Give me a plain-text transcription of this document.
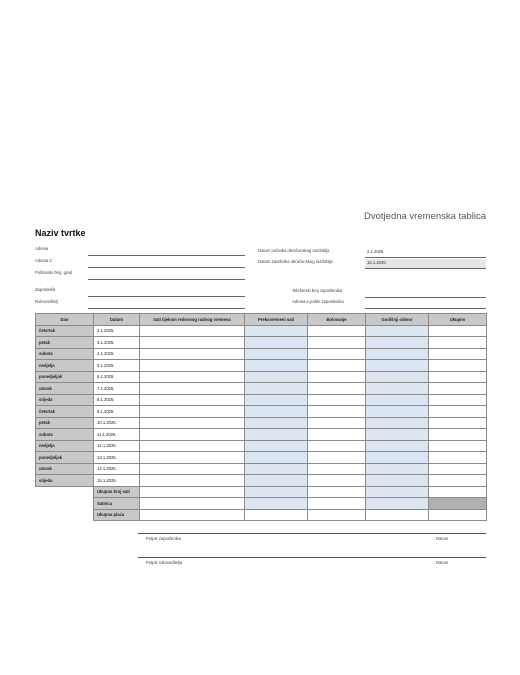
Dvotjedna vremenska tablica
Naziv tvrtke
Adresa
Adresa 2
Poštanski broj, grad
Zaposlenik
Rukovoditelj
Datum početka obračunskog razdoblja	2.1.2025.
Datum završetka obračunskog razdoblja	15.1.2025.
Telefonski broj zaposlenika
Adresa e-pošte zaposlenika
Dan	Datum	Sati tijekom redovnog radnog vremena	Prekovremeni sati	Bolovanje	Godišnji odmor	Ukupno
četvrtak	2.1.2025.					
petak	3.1.2025.					
subota	4.1.2025.					
nedjelja	5.1.2025.					
ponedjeljak	6.1.2025.					
utorak	7.1.2025.					
srijeda	8.1.2025.					
četvrtak	9.1.2025.					
petak	10.1.2025.					
subota	11.1.2025.					
nedjelja	12.1.2025.					
ponedjeljak	13.1.2025.					
utorak	14.1.2025.					
srijeda	15.1.2025.					
	Ukupan broj sati					
	Satnica					
	Ukupna plaća					
Potpis zaposlenika	Datum
Potpis rukovoditelja	Datum
